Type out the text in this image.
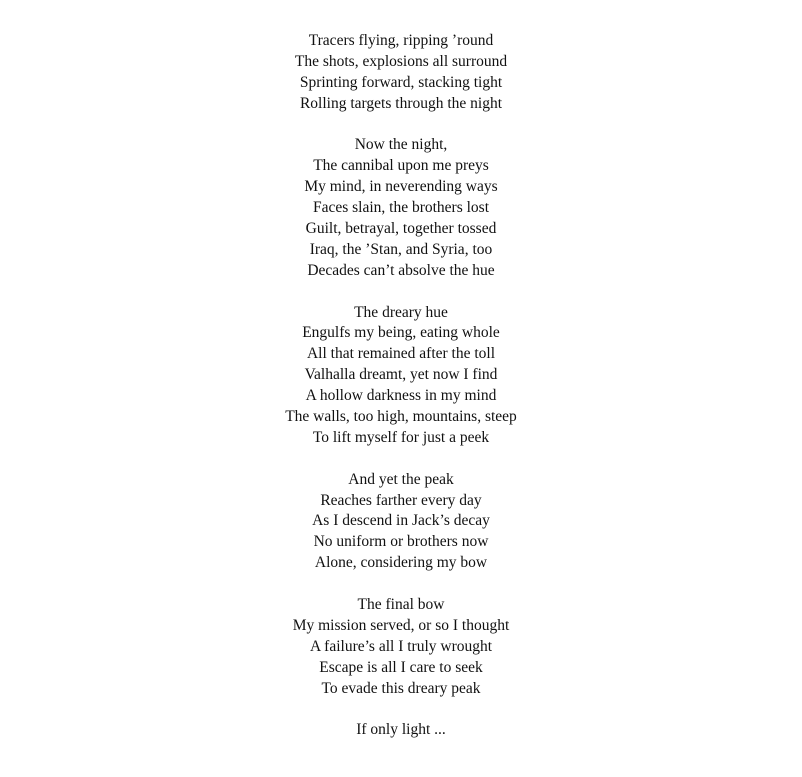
Tracers flying, ripping ’round
The shots, explosions all surround
Sprinting forward, stacking tight
Rolling targets through the night
Now the night,
The cannibal upon me preys
My mind, in neverending ways
Faces slain, the brothers lost
Guilt, betrayal, together tossed
Iraq, the ’Stan, and Syria, too
Decades can’t absolve the hue
The dreary hue
Engulfs my being, eating whole
All that remained after the toll
Valhalla dreamt, yet now I find
A hollow darkness in my mind
The walls, too high, mountains, steep
To lift myself for just a peek
And yet the peak
Reaches farther every day
As I descend in Jack’s decay
No uniform or brothers now
Alone, considering my bow
The final bow
My mission served, or so I thought
A failure’s all I truly wrought
Escape is all I care to seek
To evade this dreary peak
If only light ...
